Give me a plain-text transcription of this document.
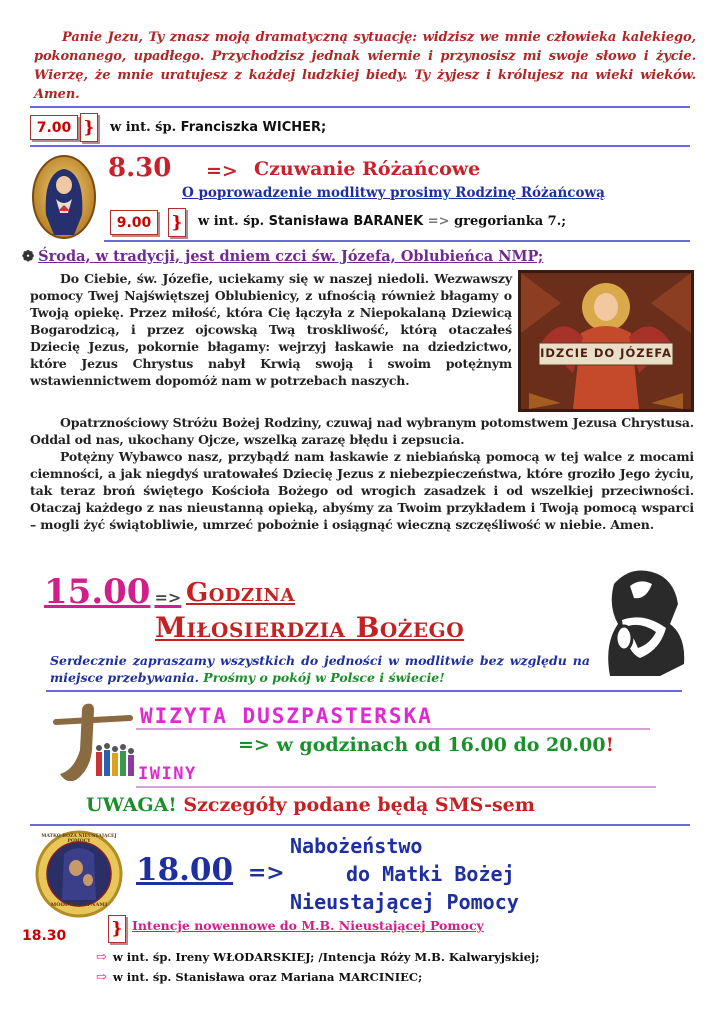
Panie Jezu, Ty znasz moją dramatyczną sytuację: widzisz we mnie człowieka kalekiego, pokonanego, upadłego. Przychodzisz jednak wiernie i przynosisz mi swoje słowo i życie. Wierzę, że mnie uratujesz z każdej ludzkiej biedy. Ty żyjesz i królujesz na wieki wieków. Amen.
7.00 } w int. śp. Franciszka WICHER;
8.30 => Czuwanie Różańcowe
O poprowadzenie modlitwy prosimy Rodzinę Różańcową
9.00	} w int. śp. Stanisława BARANEK => gregorianka 7.;
❁ Środa, w tradycji, jest dniem czci św. Józefa, Oblubieńca NMP;
IDZCIE DO JÓZEFA

Do Ciebie, św. Józefie, uciekamy się w naszej niedoli. Wezwawszy pomocy Twej Najświętszej Oblubienicy, z ufnością również błagamy o Twoją opiekę. Przez miłość, która Cię łączyła z Niepokalaną Dziewicą Bogarodzicą, i przez ojcowską Twą troskliwość, którą otaczałeś Dziecię Jezus, pokornie błagamy: wejrzyj łaskawie na dziedzictwo, które Jezus Chrystus nabył Krwią swoją i swoim potężnym wstawiennictwem dopomóż nam w potrzebach naszych.

Opatrznościowy Stróżu Bożej Rodziny, czuwaj nad wybranym potomstwem Jezusa Chrystusa. Oddal od nas, ukochany Ojcze, wszelką zarazę błędu i zepsucia.

Potężny Wybawco nasz, przybądź nam łaskawie z niebiańską pomocą w tej walce z mocami ciemności, a jak niegdyś uratowałeś Dziecię Jezus z niebezpieczeństwa, które groziło Jego życiu, tak teraz broń świętego Kościoła Bożego od wrogich zasadzek i od wszelkiej przeciwności. Otaczaj każdego z nas nieustanną opieką, abyśmy za Twoim przykładem i Twoją pomocą wsparci – mogli żyć świątobliwie, umrzeć pobożnie i osiągnąć wieczną szczęśliwość w niebie. Amen.

15.00 => Godzina
Miłosierdzia Bożego
Serdecznie zapraszamy wszystkich do jedności w modlitwie bez względu na miejsce przebywania. Prośmy o pokój w Polsce i świecie!
WIZYTA DUSZPASTERSKA
=> w godzinach od 16.00 do 20.00!
IWINY
UWAGA! Szczegóły podane będą SMS-sem
MATKO BOŻA NIEUSTAJĄCEJ POMOCY
MÓDL SIĘ ZA NAMI
18.00 =>
Nabożeństwo
do Matki Bożej
Nieustającej Pomocy
18.30	} Intencje nowennowe do M.B. Nieustającej Pomocy
⇨ w int. śp. Ireny WŁODARSKIEJ; /Intencja Róży M.B. Kalwaryjskiej;
⇨ w int. śp. Stanisława oraz Mariana MARCINIEC;
